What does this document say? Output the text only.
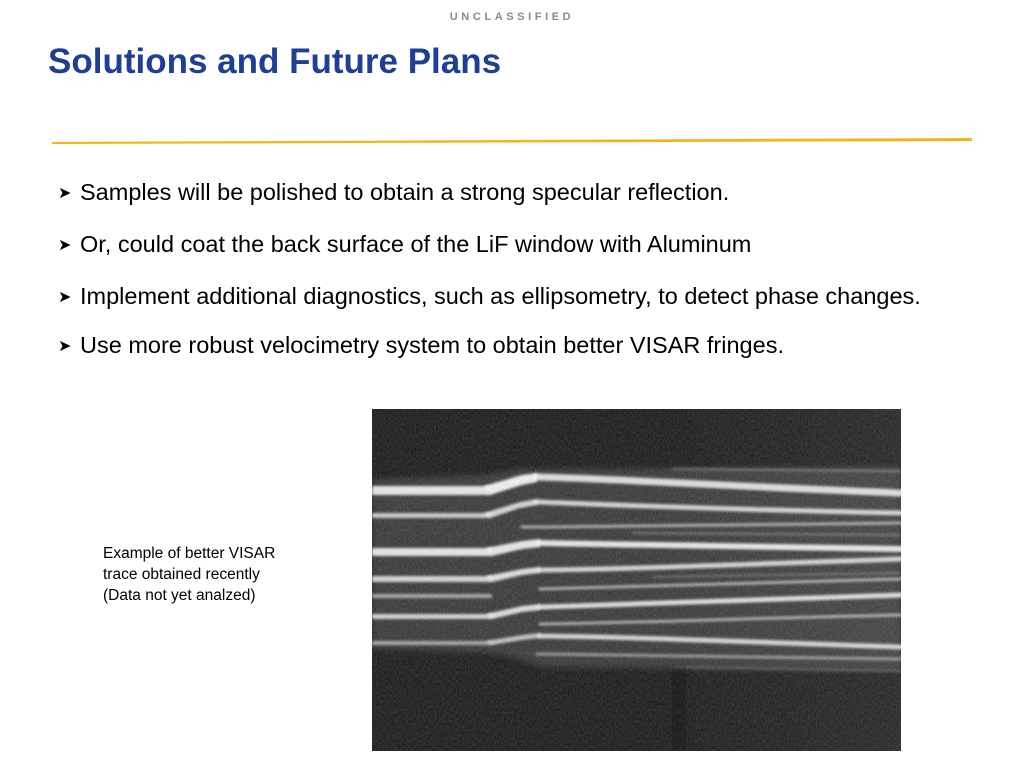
UNCLASSIFIED
Solutions and Future Plans
➤ Samples will be polished to obtain a strong specular reflection.
➤ Or, could coat the back surface of the LiF window with Aluminum
➤ Implement additional diagnostics, such as ellipsometry, to detect phase changes.
➤ Use more robust velocimetry system to obtain better VISAR fringes.
Example of better VISAR
trace obtained recently
(Data not yet analzed)
